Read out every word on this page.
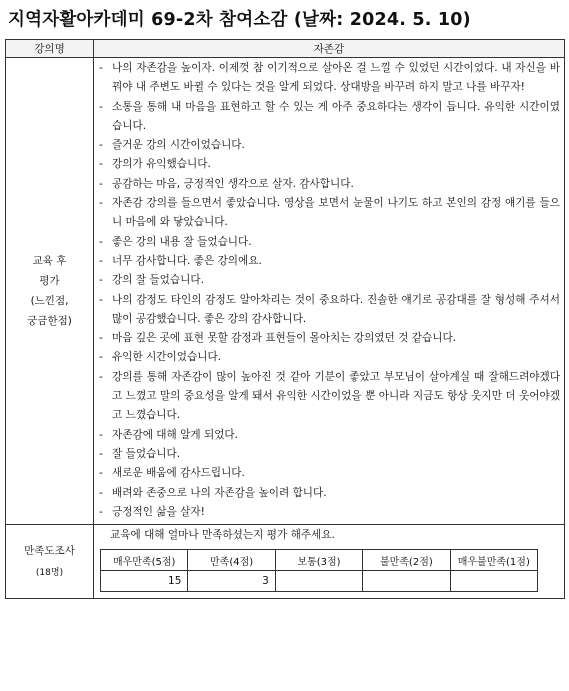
지역자활아카데미 69-2차 참여소감 (날짜: 2024. 5. 10)
강의명	자존감

교육 후
평가
(느낀점,
궁금한점)

- 나의 자존감을 높이자. 이제껏 참 이기적으로 살아온 걸 느낄 수 있었던 시간이었다. 내 자신을 바꿔야 내 주변도 바뀔 수 있다는 것을 알게 되었다. 상대방을 바꾸려 하지 말고 나를 바꾸자!
- 소통을 통해 내 마음을 표현하고 할 수 있는 게 아주 중요하다는 생각이 듭니다. 유익한 시간이였습니다.
- 즐거운 강의 시간이었습니다.
- 강의가 유익했습니다.
- 공감하는 마음, 긍정적인 생각으로 살자. 감사합니다.
- 자존감 강의를 들으면서 좋았습니다. 영상을 보면서 눈물이 나기도 하고 본인의 감정 얘기를 들으니 마음에 와 닿았습니다.
- 좋은 강의 내용 잘 들었습니다.
- 너무 감사합니다. 좋은 강의에요.
- 강의 잘 들었습니다.
- 나의 감정도 타인의 감정도 알아차리는 것이 중요하다. 진솔한 얘기로 공감대를 잘 형성해 주셔서 많이 공감했습니다. 좋은 강의 감사합니다.
- 마음 깊은 곳에 표현 못할 감정과 표현들이 몰아치는 강의였던 것 같습니다.
- 유익한 시간이었습니다.
- 강의를 통해 자존감이 많이 높아진 것 같아 기분이 좋았고 부모님이 살아계실 때 잘해드려야겠다고 느꼈고 말의 중요성을 알게 돼서 유익한 시간이었을 뿐 아니라 지금도 항상 웃지만 더 웃어야겠고 느꼈습니다.
- 자존감에 대해 알게 되었다.
- 잘 들었습니다.
- 새로운 배움에 감사드립니다.
- 배려와 존중으로 나의 자존감을 높이려 합니다.
- 긍정적인 삶을 살자!

만족도조사
(18명)

교육에 대해 얼마나 만족하셨는지 평가 해주세요.
매우만족(5점)	만족(4점)	보통(3점)	불만족(2점)	매우불만족(1점)
15	3			
